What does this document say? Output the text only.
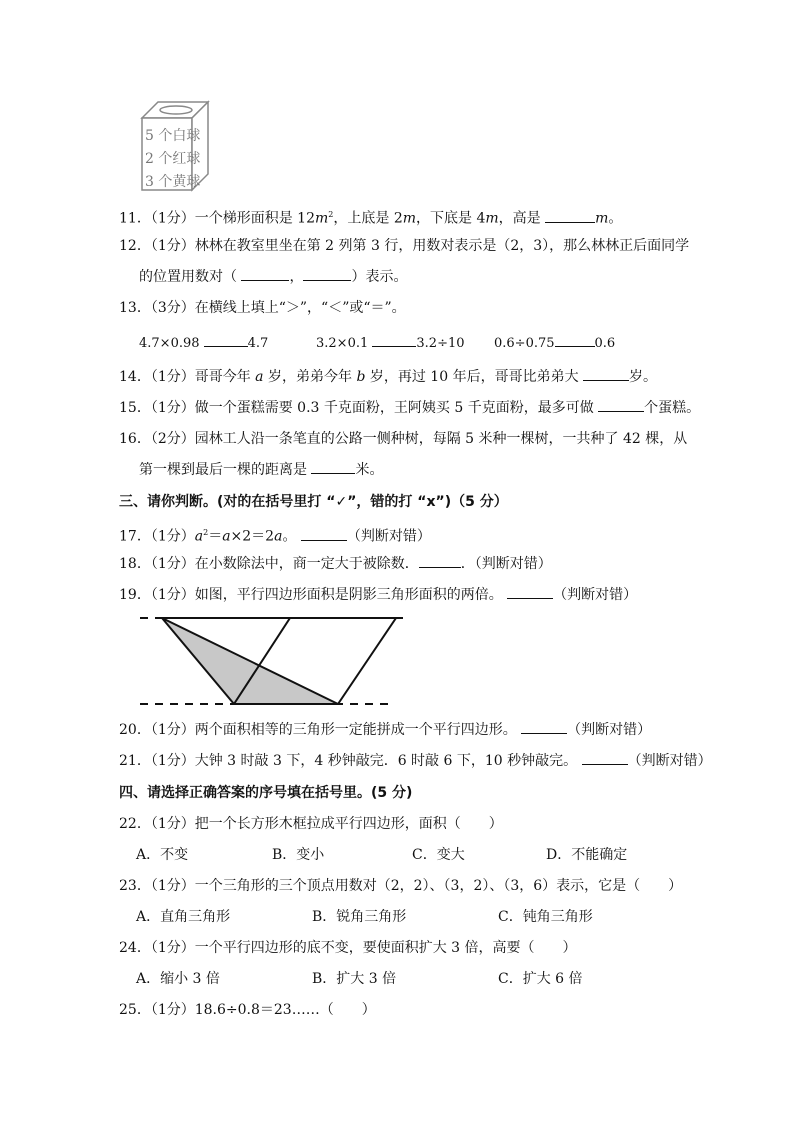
5 个白球
2 个红球
3 个黄球
11．（1分）一个梯形面积是 $12m^2$，上底是 2m，下底是 4m，高是	m。
12．（1分）林林在教室里坐在第 2 列第 3 行，用数对表示是（2，3），那么林林正后面同学
的位置用数对（	，	）表示。
13．（3分）在横线上填上“＞”，“＜”或“＝”。
4.7×0.98	4.7	3.2×0.1	3.2÷10 0.6÷0.75	0.6
14．（1分）哥哥今年 a 岁，弟弟今年 b 岁，再过 10 年后，哥哥比弟弟大	岁。
15．（1分）做一个蛋糕需要 0.3 千克面粉，王阿姨买 5 千克面粉，最多可做	个蛋糕。
16．（2分）园林工人沿一条笔直的公路一侧种树，每隔 5 米种一棵树，一共种了 42 棵，从
第一棵到最后一棵的距离是	米。
三、请你判断。(对的在括号里打 “✓”，错的打 “x”)（5 分）
17．（1分）$a^2=a\times 2=2a$。	（判断对错）
18．（1分）在小数除法中，商一定大于被除数．	．（判断对错）
19．（1分）如图，平行四边形面积是阴影三角形面积的两倍。	（判断对错）
20．（1分）两个面积相等的三角形一定能拼成一个平行四边形。	（判断对错）
21．（1分）大钟 3 时敲 3 下，4 秒钟敲完．6 时敲 6 下，10 秒钟敲完。	（判断对错）
四、请选择正确答案的序号填在括号里。(5 分)
22．（1分）把一个长方形木框拉成平行四边形，面积（　　）
A．不变	B．变小	C．变大	D．不能确定
23．（1分）一个三角形的三个顶点用数对（2，2）、（3，2）、（3，6）表示，它是（　　）
A．直角三角形	B．锐角三角形	C．钝角三角形
24．（1分）一个平行四边形的底不变，要使面积扩大 3 倍，高要（　　）
A．缩小 3 倍	B．扩大 3 倍	C．扩大 6 倍
25．（1分）18.6÷0.8＝23……（　　）
